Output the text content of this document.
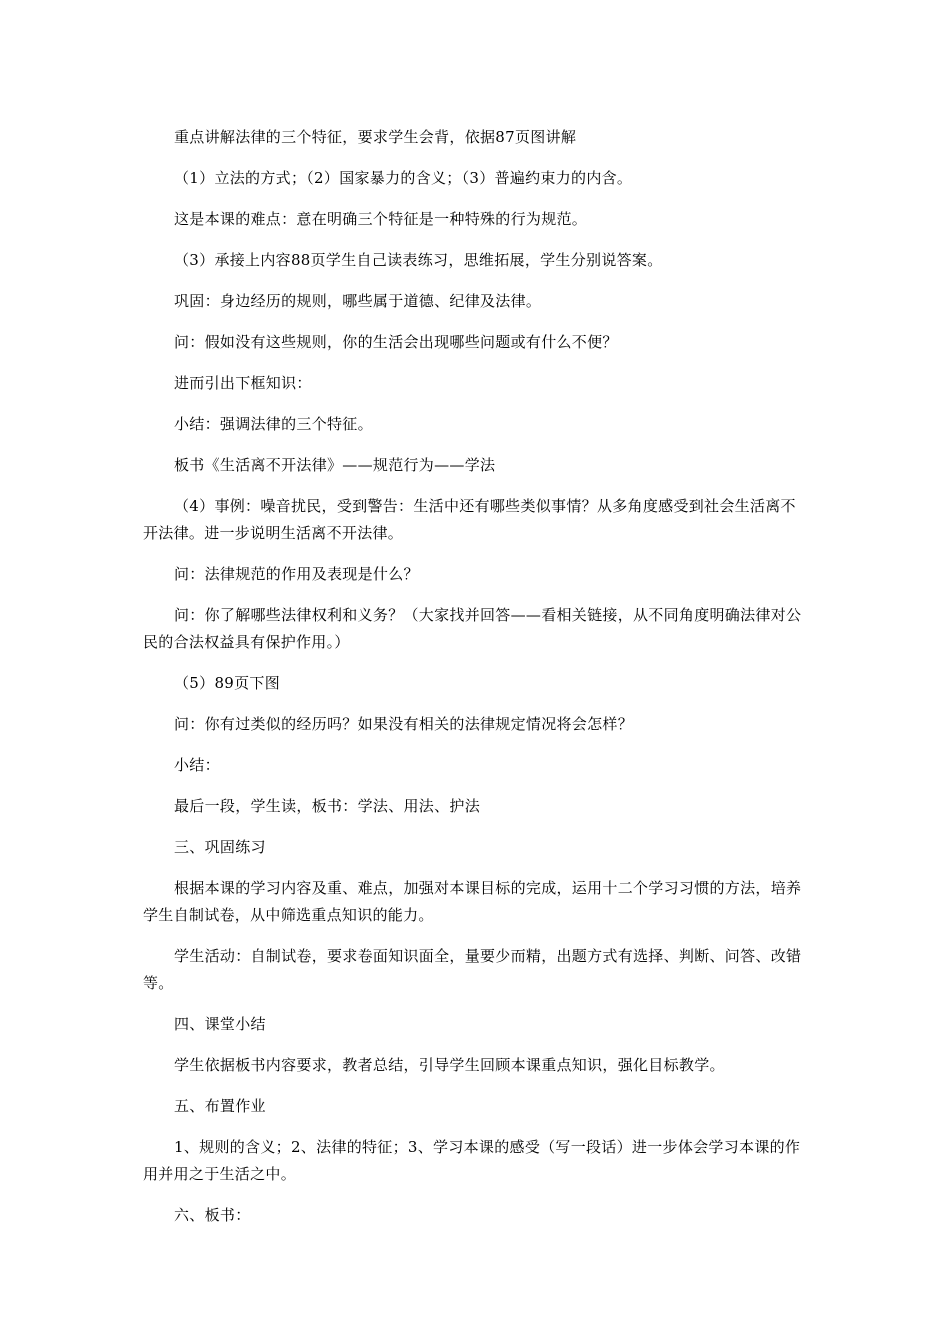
重点讲解法律的三个特征，要求学生会背，依据87页图讲解

（1）立法的方式；（2）国家暴力的含义；（3）普遍约束力的内含。

这是本课的难点：意在明确三个特征是一种特殊的行为规范。

（3）承接上内容88页学生自己读表练习，思维拓展，学生分别说答案。

巩固：身边经历的规则，哪些属于道德、纪律及法律。

问：假如没有这些规则，你的生活会出现哪些问题或有什么不便？

进而引出下框知识：

小结：强调法律的三个特征。

板书《生活离不开法律》——规范行为——学法

（4）事例：噪音扰民，受到警告：生活中还有哪些类似事情？从多角度感受到社会生活离不开法律。进一步说明生活离不开法律。

问：法律规范的作用及表现是什么？

问：你了解哪些法律权利和义务？（大家找并回答——看相关链接，从不同角度明确法律对公民的合法权益具有保护作用。）

（5）89页下图

问：你有过类似的经历吗？如果没有相关的法律规定情况将会怎样？

小结：

最后一段，学生读，板书：学法、用法、护法

三、巩固练习

根据本课的学习内容及重、难点，加强对本课目标的完成，运用十二个学习习惯的方法，培养学生自制试卷，从中筛选重点知识的能力。

学生活动：自制试卷，要求卷面知识面全，量要少而精，出题方式有选择、判断、问答、改错等。

四、课堂小结

学生依据板书内容要求，教者总结，引导学生回顾本课重点知识，强化目标教学。

五、布置作业

1、规则的含义；2、法律的特征；3、学习本课的感受（写一段话）进一步体会学习本课的作用并用之于生活之中。

六、板书：
